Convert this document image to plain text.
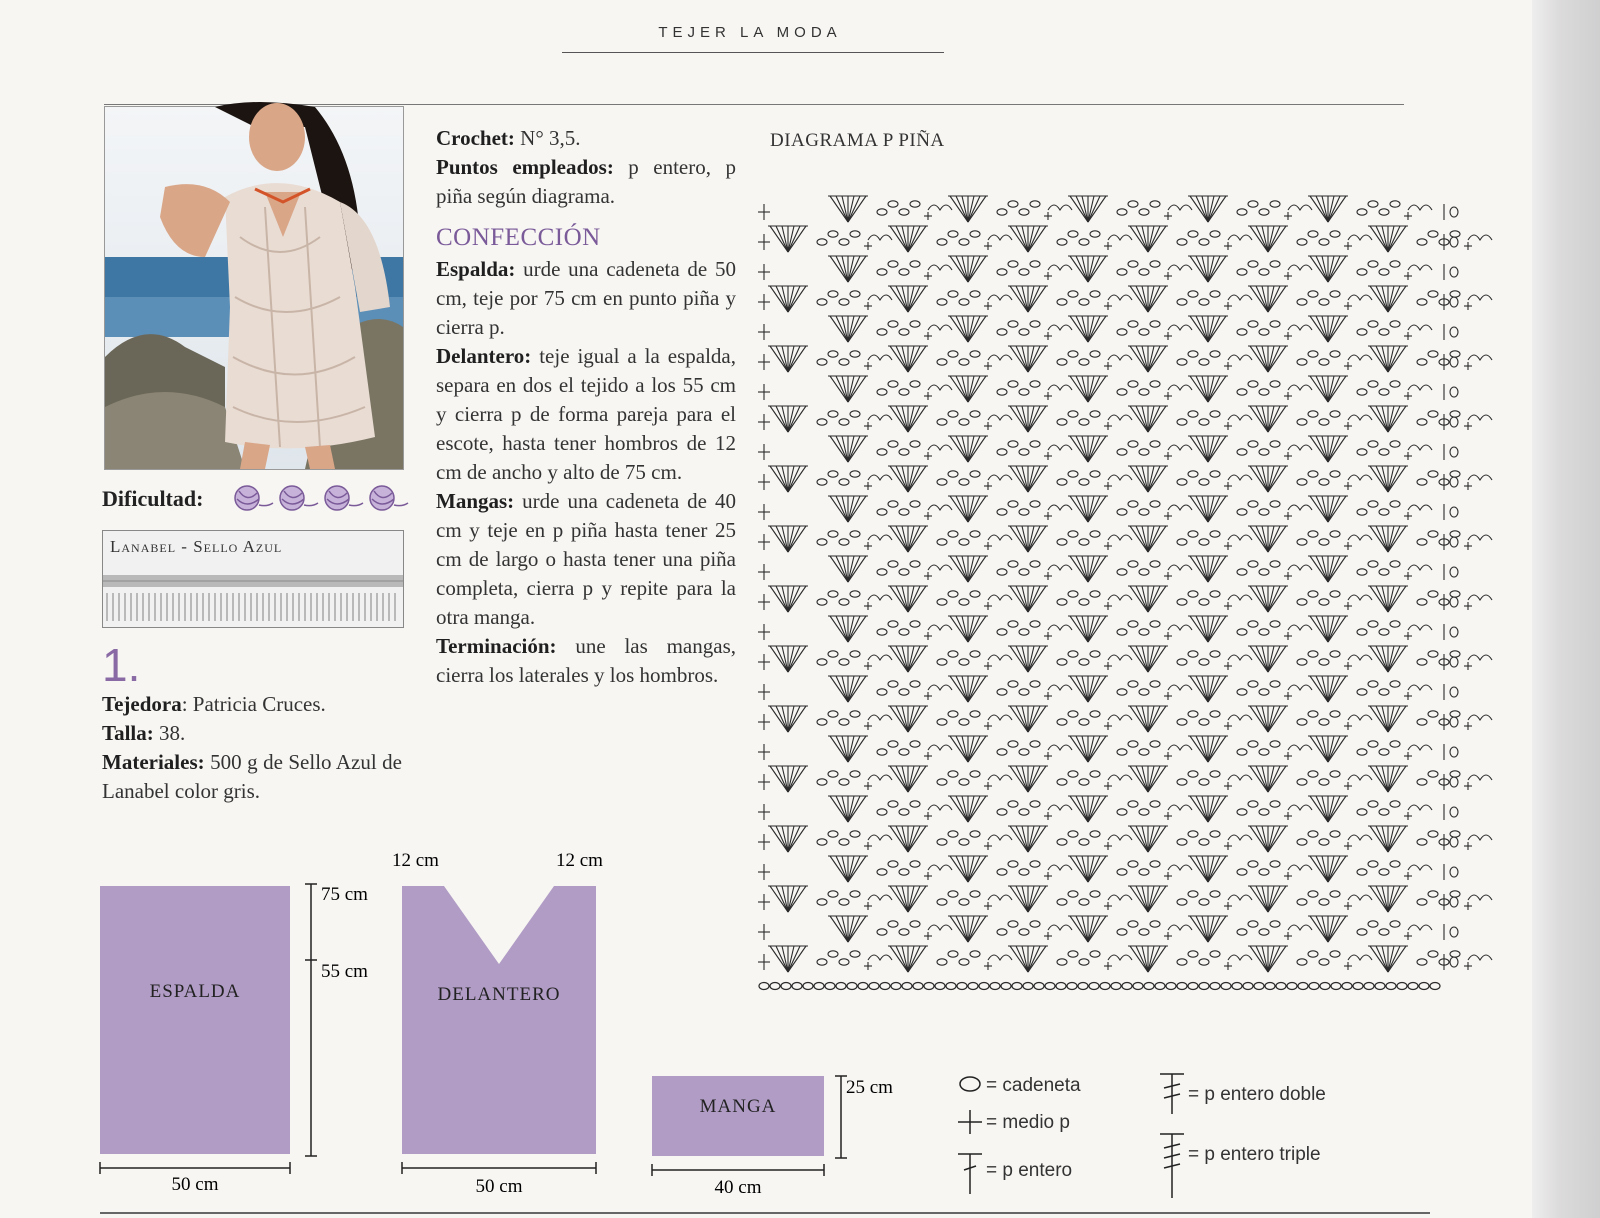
TEJER LA MODA
Dificultad:
Lanabel - Sello Azul
1.
Tejedora: Patricia Cruces.
Talla: 38.
Materiales: 500 g de Sello Azul de Lanabel color gris.
Crochet: N° 3,5.
Puntos empleados: p entero, p piña según diagrama.
CONFECCIÓN
Espalda: urde una cadeneta de 50 cm, teje por 75 cm en punto piña y cierra p.
Delantero: teje igual a la espalda, separa en dos el tejido a los 55 cm y cierra p de forma pareja para el escote, hasta tener hombros de 12 cm de ancho y alto de 75 cm.
Mangas: urde una cadeneta de 40 cm y teje en p piña hasta tener 25 cm de largo o hasta tener una piña completa, cierra p y repite para la otra manga.
Terminación: une las mangas, cierra los laterales y los hombros.
DIAGRAMA P PIÑA
ESPALDA
75 cm
55 cm
50 cm
DELANTERO
12 cm	12 cm
50 cm
MANGA
25 cm
40 cm
= cadeneta
= medio p
= p entero
= p entero doble
= p entero triple
